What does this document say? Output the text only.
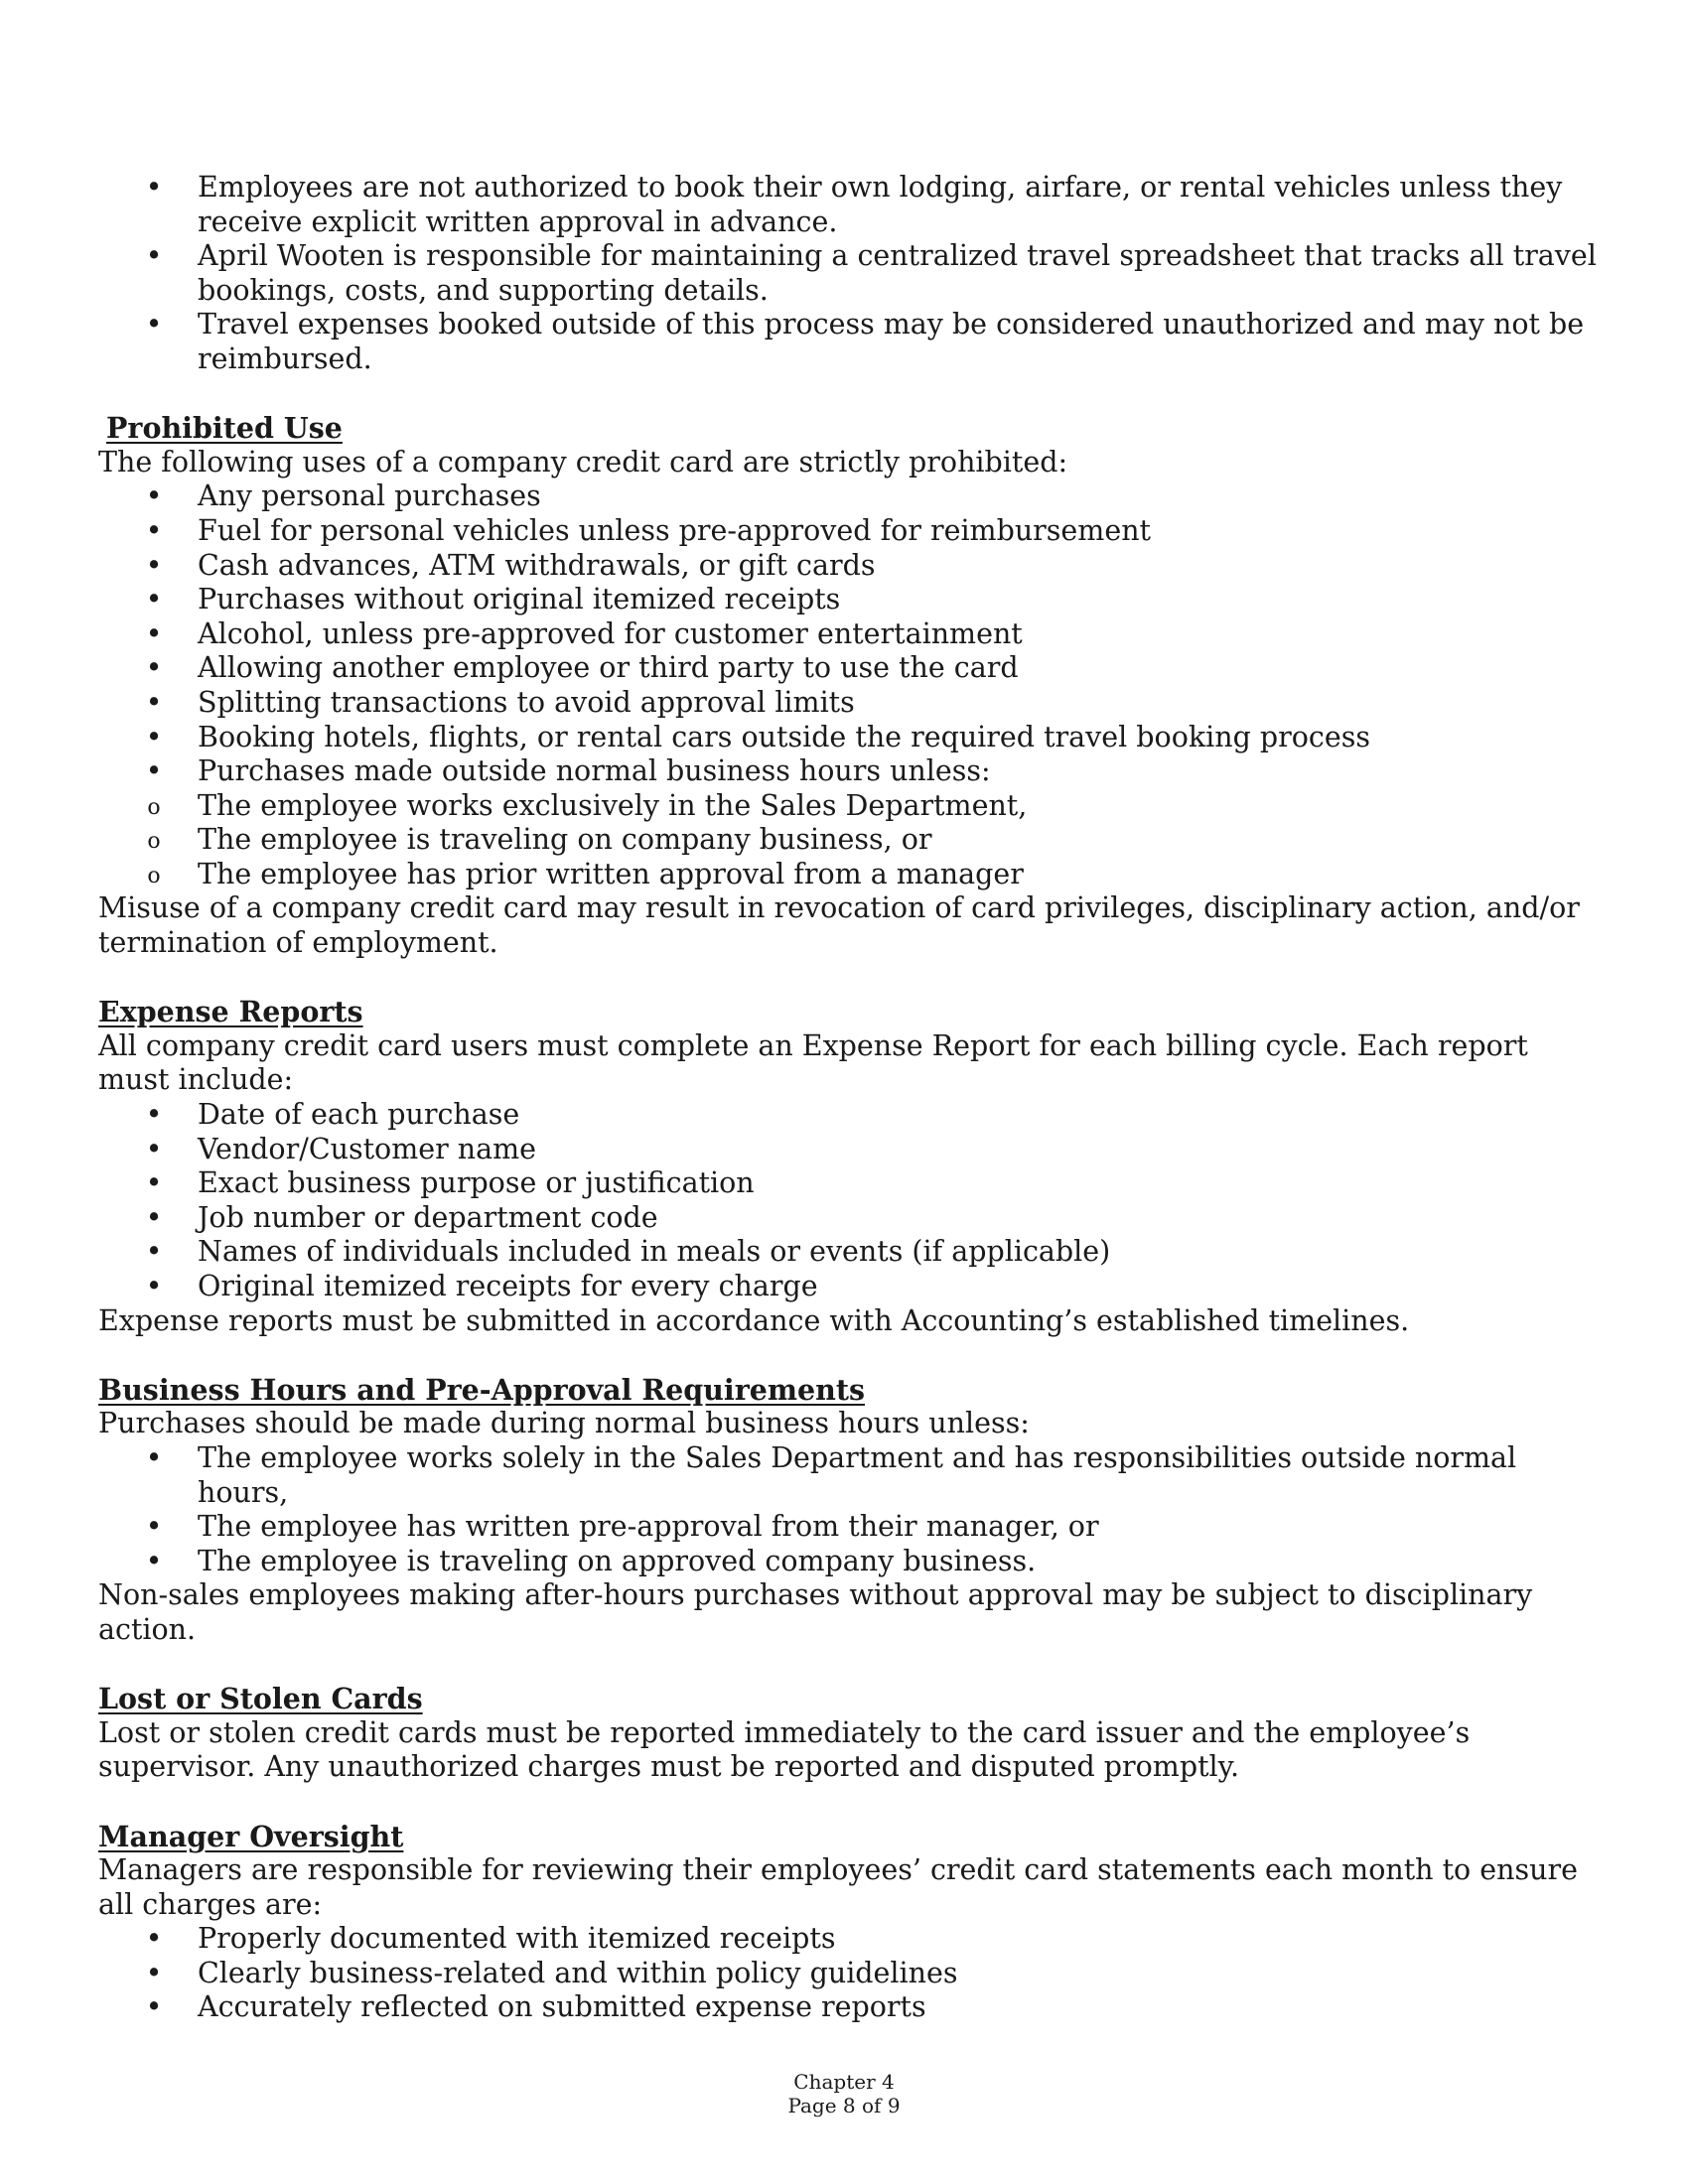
• Employees are not authorized to book their own lodging, airfare, or rental vehicles unless they receive explicit written approval in advance.
• April Wooten is responsible for maintaining a centralized travel spreadsheet that tracks all travel bookings, costs, and supporting details.
• Travel expenses booked outside of this process may be considered unauthorized and may not be reimbursed.

Prohibited Use

The following uses of a company credit card are strictly prohibited:

• Any personal purchases
• Fuel for personal vehicles unless pre-approved for reimbursement
• Cash advances, ATM withdrawals, or gift cards
• Purchases without original itemized receipts
• Alcohol, unless pre-approved for customer entertainment
• Allowing another employee or third party to use the card
• Splitting transactions to avoid approval limits
• Booking hotels, flights, or rental cars outside the required travel booking process
• Purchases made outside normal business hours unless:
o The employee works exclusively in the Sales Department,
o The employee is traveling on company business, or
o The employee has prior written approval from a manager

Misuse of a company credit card may result in revocation of card privileges, disciplinary action, and/or termination of employment.

Expense Reports

All company credit card users must complete an Expense Report for each billing cycle. Each report must include:

• Date of each purchase
• Vendor/Customer name
• Exact business purpose or justification
• Job number or department code
• Names of individuals included in meals or events (if applicable)
• Original itemized receipts for every charge

Expense reports must be submitted in accordance with Accounting’s established timelines.

Business Hours and Pre-Approval Requirements

Purchases should be made during normal business hours unless:

• The employee works solely in the Sales Department and has responsibilities outside normal hours,
• The employee has written pre-approval from their manager, or
• The employee is traveling on approved company business.

Non-sales employees making after-hours purchases without approval may be subject to disciplinary action.

Lost or Stolen Cards

Lost or stolen credit cards must be reported immediately to the card issuer and the employee’s supervisor. Any unauthorized charges must be reported and disputed promptly.

Manager Oversight

Managers are responsible for reviewing their employees’ credit card statements each month to ensure all charges are:

• Properly documented with itemized receipts
• Clearly business-related and within policy guidelines
• Accurately reflected on submitted expense reports
Chapter 4
Page 8 of 9
